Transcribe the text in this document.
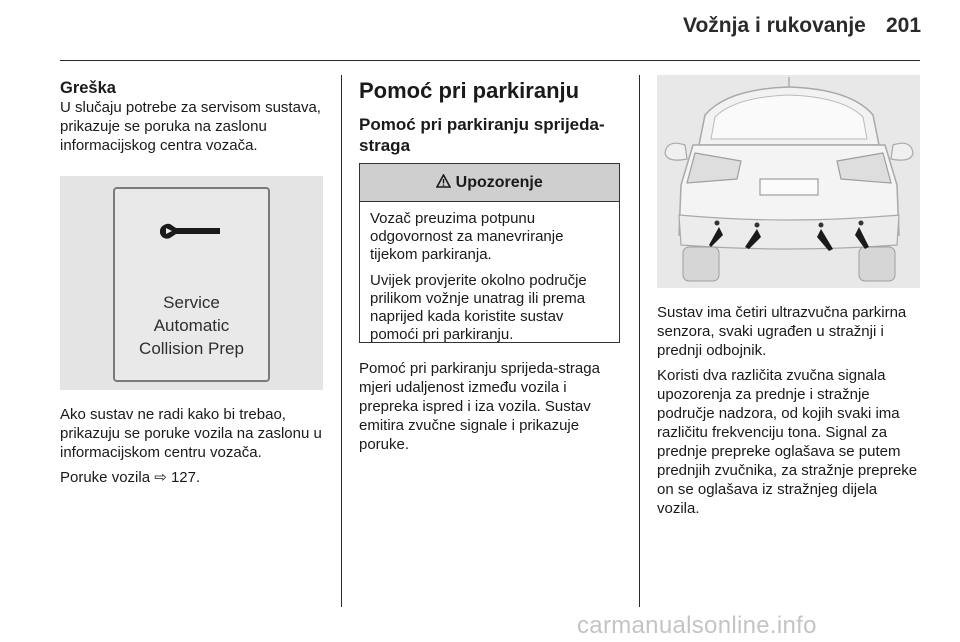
Vožnja i rukovanje 201
Greška

U slučaju potrebe za servisom sustava, prikazuje se poruka na zaslonu informacijskog centra vozača.

Service
Automatic
Collision Prep

Ako sustav ne radi kako bi trebao, prikazuju se poruke vozila na zaslonu u informacijskom centru vozača.

Poruke vozila ⇨ 127.

Pomoć pri parkiranju
Pomoć pri parkiranju sprijeda-straga
Upozorenje

Vozač preuzima potpunu odgovornost za manevriranje tijekom parkiranja.

Uvijek provjerite okolno područje prilikom vožnje unatrag ili prema naprijed kada koristite sustav pomoći pri parkiranju.

Pomoć pri parkiranju sprijeda-straga mjeri udaljenost između vozila i prepreka ispred i iza vozila. Sustav emitira zvučne signale i prikazuje poruke.

Sustav ima četiri ultrazvučna parkirna senzora, svaki ugrađen u stražnji i prednji odbojnik.

Koristi dva različita zvučna signala upozorenja za prednje i stražnje područje nadzora, od kojih svaki ima različitu frekvenciju tona. Signal za prednje prepreke oglašava se putem prednjih zvučnika, za stražnje prepreke on se oglašava iz stražnjeg dijela vozila.

carmanualsonline.info
